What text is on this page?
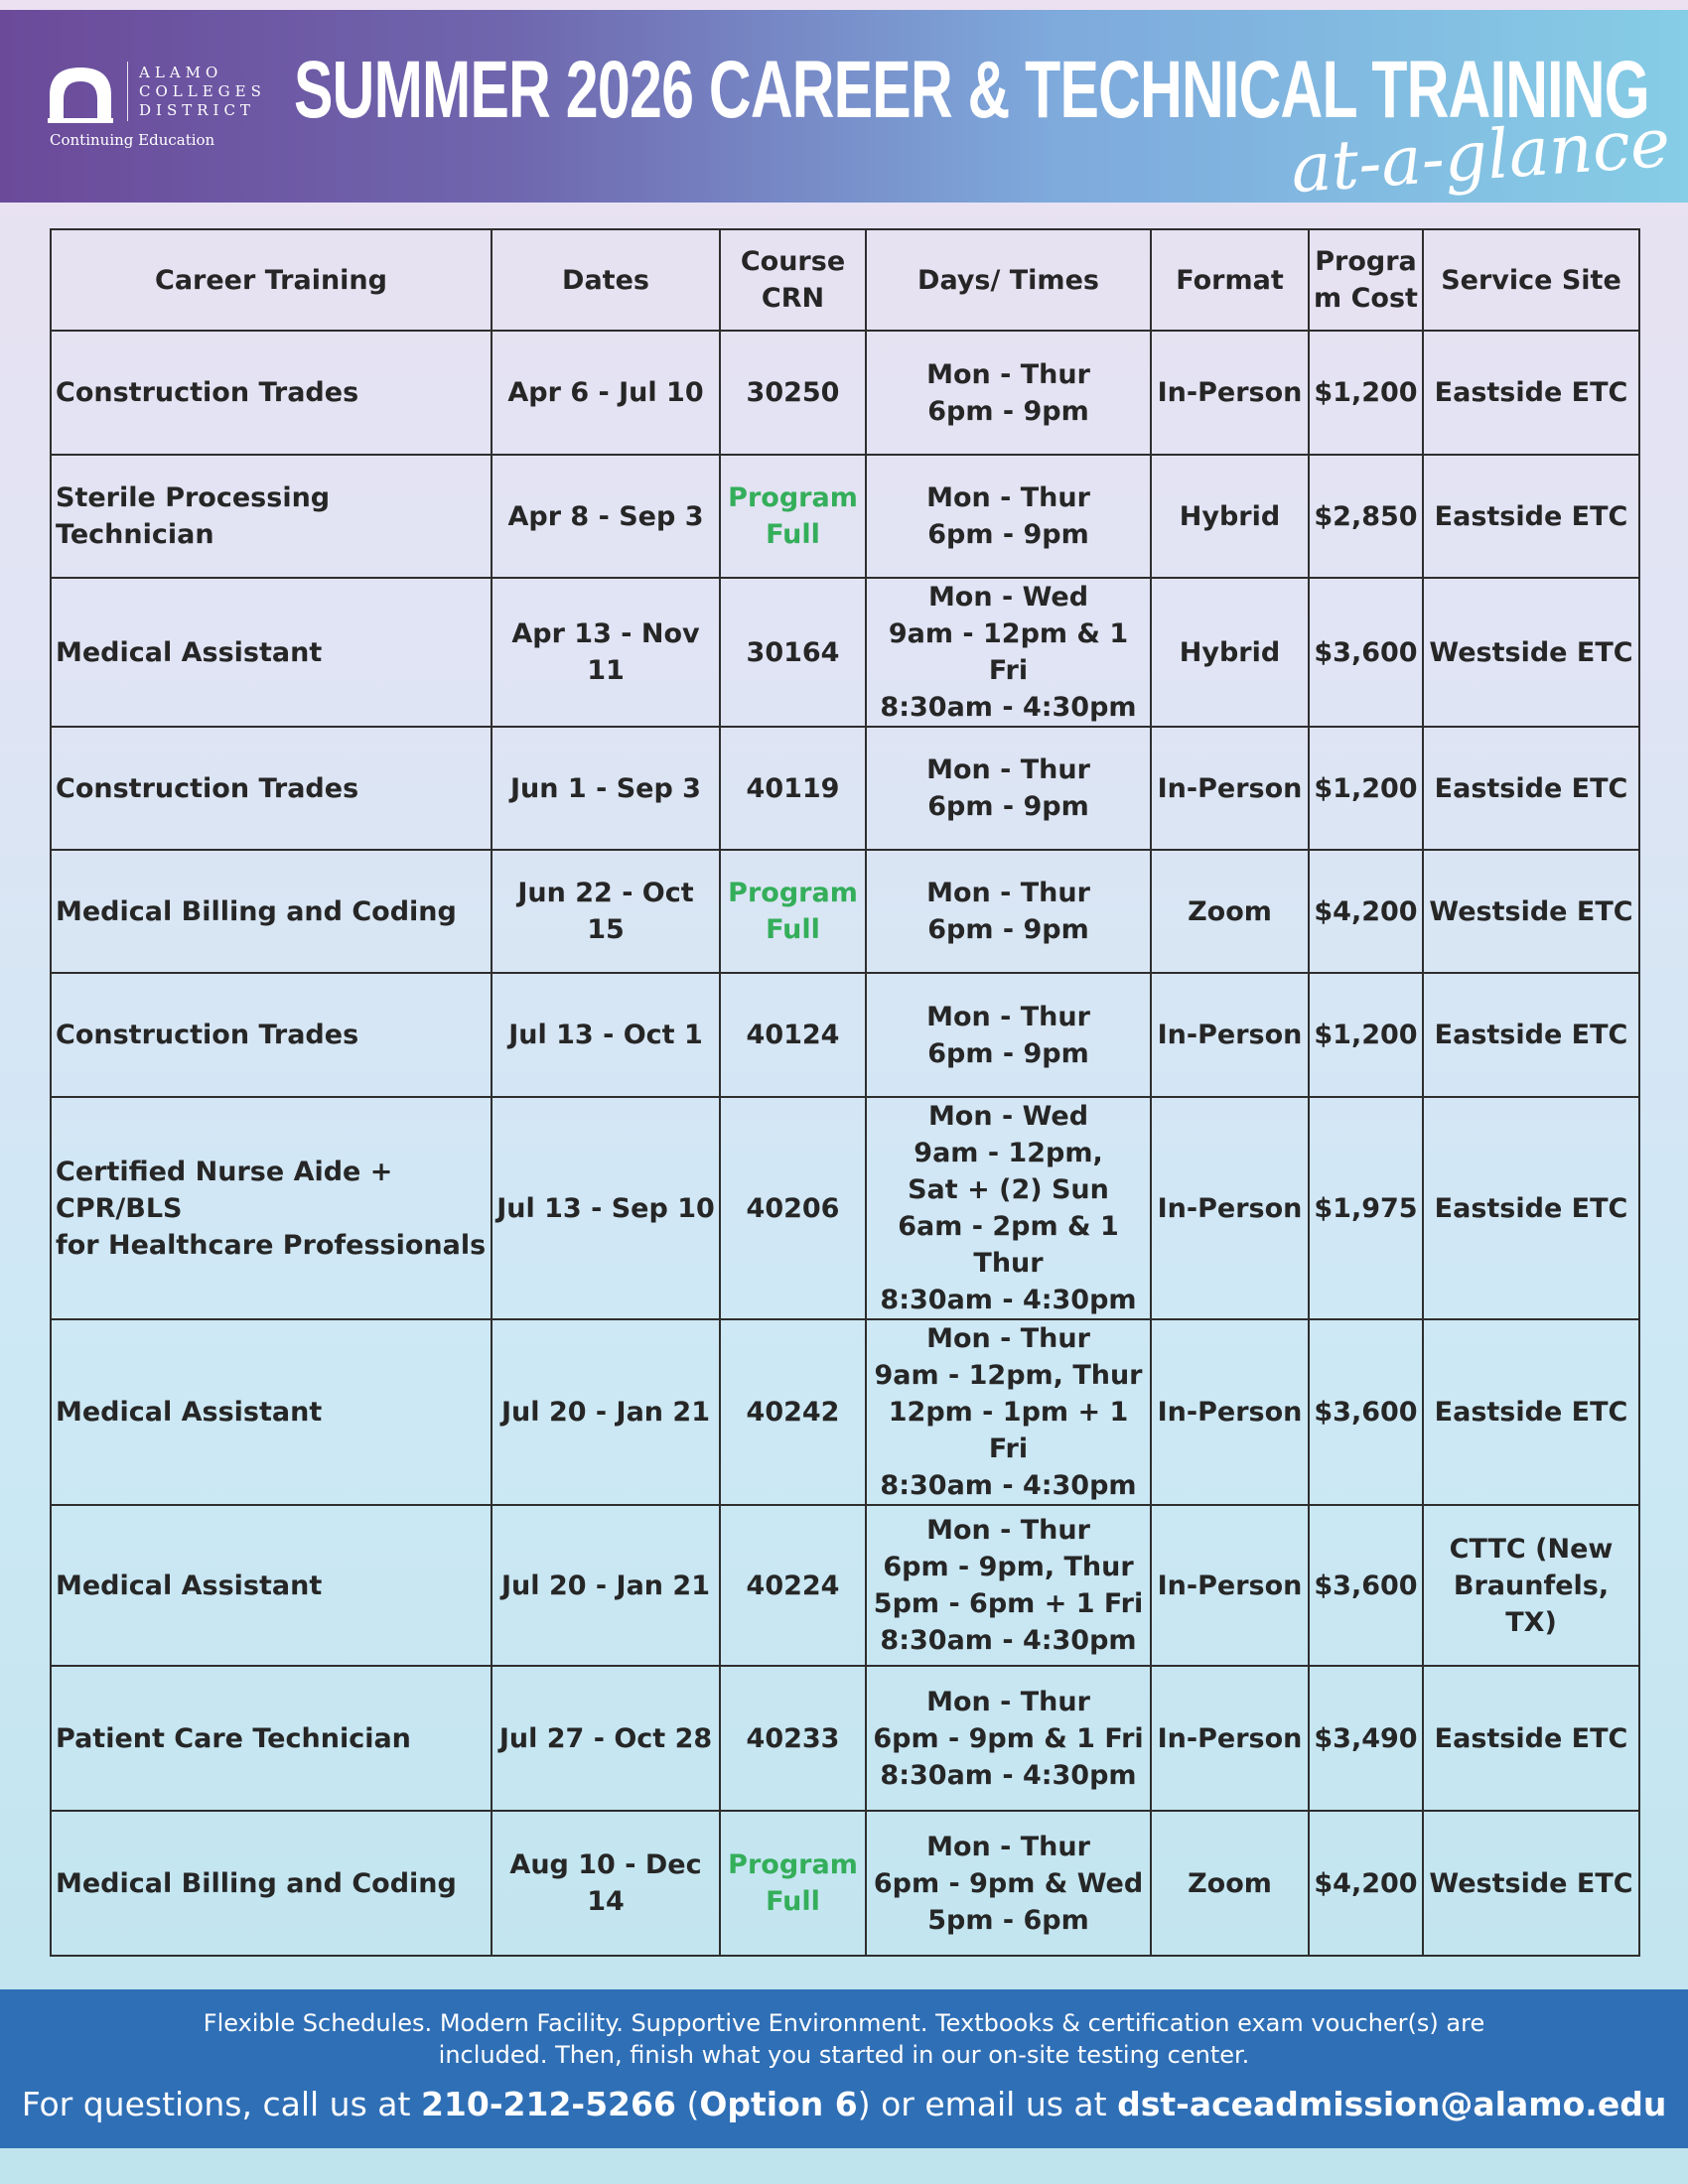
ALAMO
COLLEGES
DISTRICT
Continuing Education
SUMMER 2026 CAREER & TECHNICAL TRAINING
at-a-glance
Career Training	Dates	Course
CRN	Days/ Times	Format	Progra
m Cost	Service Site
Construction Trades	Apr 6 - Jul 10	30250	Mon - Thur
6pm - 9pm	In-Person	$1,200	Eastside ETC
Sterile Processing Technician	Apr 8 - Sep 3	Program
Full	Mon - Thur
6pm - 9pm	Hybrid	$2,850	Eastside ETC
Medical Assistant	Apr 13 - Nov 11	30164	Mon - Wed
9am - 12pm & 1 Fri
8:30am - 4:30pm	Hybrid	$3,600	Westside ETC
Construction Trades	Jun 1 - Sep 3	40119	Mon - Thur
6pm - 9pm	In-Person	$1,200	Eastside ETC
Medical Billing and Coding	Jun 22 - Oct 15	Program
Full	Mon - Thur
6pm - 9pm	Zoom	$4,200	Westside ETC
Construction Trades	Jul 13 - Oct 1	40124	Mon - Thur
6pm - 9pm	In-Person	$1,200	Eastside ETC
Certified Nurse Aide + CPR/BLS
for Healthcare Professionals	Jul 13 - Sep 10	40206	Mon - Wed
9am - 12pm,
Sat + (2) Sun
6am - 2pm & 1 Thur
8:30am - 4:30pm	In-Person	$1,975	Eastside ETC
Medical Assistant	Jul 20 - Jan 21	40242	Mon - Thur
9am - 12pm, Thur
12pm - 1pm + 1 Fri
8:30am - 4:30pm	In-Person	$3,600	Eastside ETC
Medical Assistant	Jul 20 - Jan 21	40224	Mon - Thur
6pm - 9pm, Thur
5pm - 6pm + 1 Fri
8:30am - 4:30pm	In-Person	$3,600	CTTC (New
Braunfels, TX)
Patient Care Technician	Jul 27 - Oct 28	40233	Mon - Thur
6pm - 9pm & 1 Fri
8:30am - 4:30pm	In-Person	$3,490	Eastside ETC
Medical Billing and Coding	Aug 10 - Dec 14	Program
Full	Mon - Thur
6pm - 9pm & Wed
5pm - 6pm	Zoom	$4,200	Westside ETC

Flexible Schedules. Modern Facility. Supportive Environment. Textbooks & certification exam voucher(s) are included. Then, finish what you started in our on-site testing center.

For questions, call us at 210-212-5266 (Option 6) or email us at dst-aceadmission@alamo.edu
